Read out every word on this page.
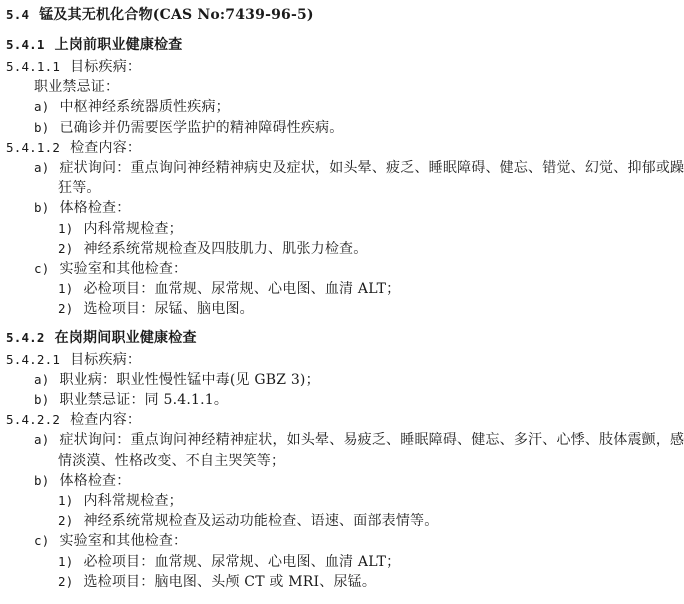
5.4 锰及其无机化合物(CAS No:7439-96-5)
5.4.1 上岗前职业健康检查
5.4.1.1 目标疾病：
职业禁忌证：
a) 中枢神经系统器质性疾病；
b) 已确诊并仍需要医学监护的精神障碍性疾病。
5.4.1.2 检查内容：
a) 症状询问：重点询问神经精神病史及症状，如头晕、疲乏、睡眠障碍、健忘、错觉、幻觉、抑郁或躁
狂等。
b) 体格检查：
1) 内科常规检查；
2) 神经系统常规检查及四肢肌力、肌张力检查。
c) 实验室和其他检查：
1) 必检项目：血常规、尿常规、心电图、血清 ALT；
2) 选检项目：尿锰、脑电图。
5.4.2 在岗期间职业健康检查
5.4.2.1 目标疾病：
a) 职业病：职业性慢性锰中毒(见 GBZ 3)；
b) 职业禁忌证：同 5.4.1.1。
5.4.2.2 检查内容：
a) 症状询问：重点询问神经精神症状，如头晕、易疲乏、睡眠障碍、健忘、多汗、心悸、肢体震颤，感
情淡漠、性格改变、不自主哭笑等；
b) 体格检查：
1) 内科常规检查；
2) 神经系统常规检查及运动功能检查、语速、面部表情等。
c) 实验室和其他检查：
1) 必检项目：血常规、尿常规、心电图、血清 ALT；
2) 选检项目：脑电图、头颅 CT 或 MRI、尿锰。
